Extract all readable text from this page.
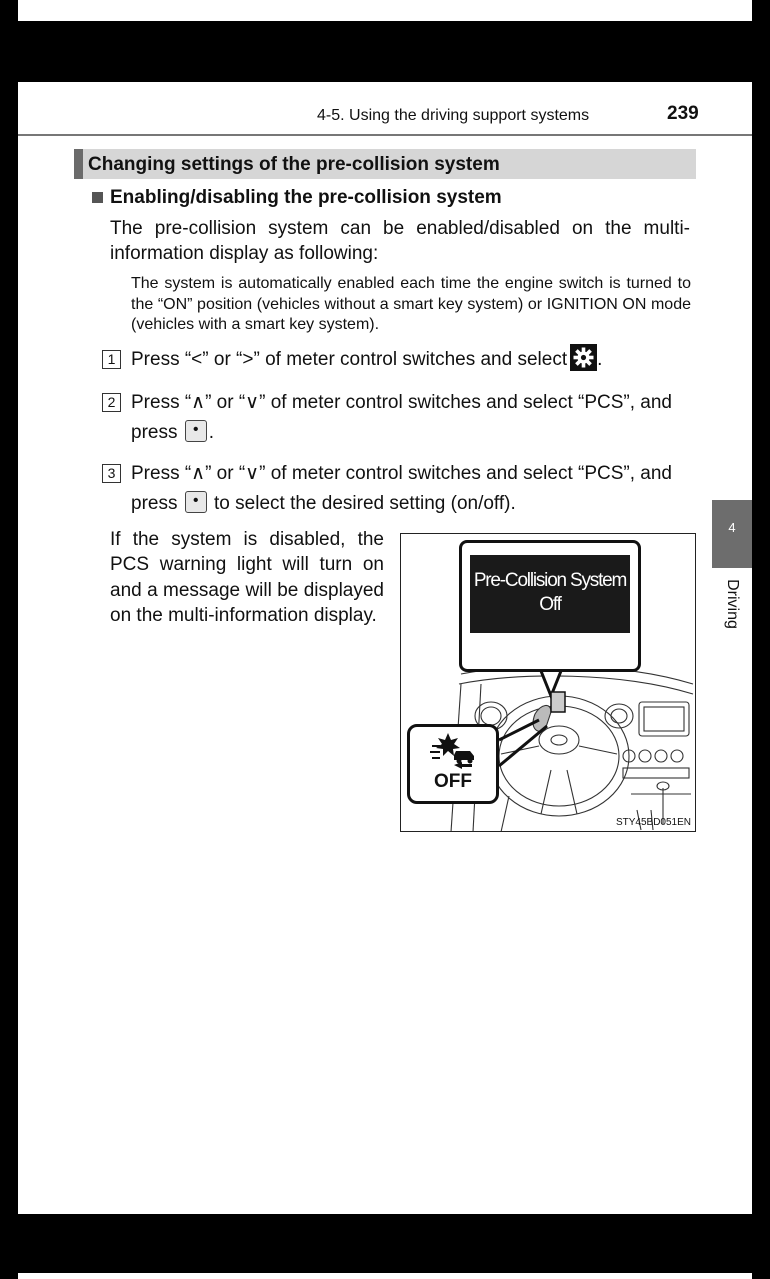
4-5. Using the driving support systems	239
Changing settings of the pre-collision system
Enabling/disabling the pre-collision system
The pre-collision system can be enabled/disabled on the multi-information display as following:
The system is automatically enabled each time the engine switch is turned to the “ON” position (vehicles without a smart key system) or IGNITION ON mode (vehicles with a smart key system).
1 Press “<” or “>” of meter control switches and select .
2 Press “∧” or “∨” of meter control switches and select “PCS”, and press • .
3 Press “∧” or “∨” of meter control switches and select “PCS”, and press • to select the desired setting (on/off).
If the system is disabled, the PCS warning light will turn on and a message will be displayed on the multi-information display.
Pre-Collision System
Off
OFF
STY45BD051EN
4
Driving
